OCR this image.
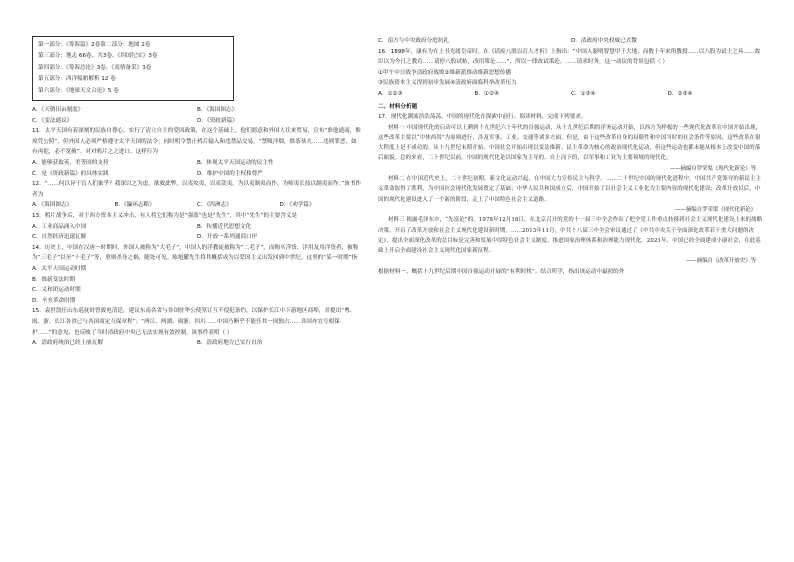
第一部分：《筹海篇》2卷第二部分：地图 2卷
第三部分：地志 66卷、共3卷、《四国纪实》3卷
第四部分：《筹海总论》3卷、《夷情备采》3卷
第五部分：西洋船舶解析 12 卷
第六部分：《地球天文合论》5 卷
A．《天朝田亩制度》	B．《海国图志》
C．《变法通议》	D．《资政新篇》
11．太平天国有着深刻的民族自尊心，实行了清立自主的爱国政策，在这个基础上，他们愿意和外国人往来贸易，宣布“准他通商，惟须凭公照”，但外国人必须严格遵守太平天国的法令，同时明令禁止鸦片输入和违禁品交易。“禁吸洋烟，惟茶恭夫……违则罪恶，如有再犯，必不宽赦”。对对鸦片之之进口。这样行为
A．能够获取英、美等国的支持	B．体现太平天国运动的民主性
C．是《资政新篇》的具体实践	D．维护中国的主权和尊严
12．“……何以异于盲人扪象乎？我深以之为虑，欲救此弊，以夷攻夷，以夷款夷，为以夷制夷而作，为师夷长技以制夷而作。”该书作者为
A．《海国图志》	B．《瀛环志略》	C．《四洲志》	D．《劝学篇》
13．鸦片战争后，对于西方资本主义冲击，有人将它们称为是“强盗”也是“先生”，其中“先生”的主要含义是
A．工业商品涌入中国	B．传播近代思想文化
C．自然经济迅速瓦解	D．开放一系列通商口岸
14．历史上，中国在汉唐一时期时，外国人被称为“大毛子”，中国人的洋教徒被称为“二毛子”，而购买洋货、洋用及用洋货者，被称为“三毛子”以至“十毛子”等，重则杀身之祸，随处可见。陈旭麓先生将其概括成为以爱国主义出发回到中世纪。这里的“某一时期”指
A．太平天国运动时期
B．维新变法时期
C．义和团运动时期
D．辛亥革命时期
15．袁世凯任山东巡抚时曾致电清廷，建议东南各省与各国驻华公使签订互不侵犯条约，以保护长江中下游地区商埠，并提出“粤、闽、浙、长江各省已与各国商定互保章程”；“两江、两湖、闽浙、四川……中国乃断乎不能任其一国独占……各国亦宜互相保护……”的意见，也反映了当时清政府中央已无法实现有效控制。该事件表明（ ）
A．清政府统治已经土崩瓦解	B．清政府地方已实行自治
C．南方与中央政府分庭抗礼	D．清政府中央权威已式微
16．1898年，康有为在上书光绪皇帝时，在《请废八股以育人才折》上指出：“中国人聪明智慧甲于大地，而数十年来所教授……以八股为试士之具……故臣以为今日之教育……请停八股试帖，改用策论……”，所以一律改试策论。……请求时务，这一动议的背景包括（ ）
①甲午中日战争清政府战败②维新派推动维新思想传播
③民族资本主义得到初步发展④清政府面临科举改革压力
A．①②③	B．①②④	C．①③④	D．②③④
二、材料分析题
17．现代化潮流浩浩荡荡，中国的现代化在探索中前行。阅读材料，完成下列要求。
材料一 中国现代化的启动可以上溯到十九世纪六十年代的自强运动，从十九世纪后期的洋务运动开始，以西方为样板的一些现代化改革在中国开始出现，这些改革主要以“中体西用”为原则进行，涉及军事、工业、交通等诸多方面。但是，由于这些改革自身的局限性和中国当时的社会条件等原因，这些改革在很大程度上是不成功的。从十九世纪末期开始，中国社会开始出现以变法维新、民主革命为核心的政治现代化运动，但这些运动也都未能从根本上改变中国的落后面貌。总的来看，二十世纪以前，中国的现代化是以国家为主导的、自上而下的，以军事和工业为主要领域的现代化。
——摘编自罗荣渠《现代化新论》等
材料二 在中国近代史上，二十世纪初期，新文化运动兴起，在中国大力宣传民主与科学。……二十世纪中国的现代化进程中，中国共产党领导的新民主主义革命取得了胜利，为中国社会现代化发展奠定了基础；中华人民共和国成立后，中国开始了以社会主义工业化为主要内容的现代化建设；改革开放以后，中国的现代化建设进入了一个新的阶段，走上了中国特色社会主义道路。
——摘编自罗荣渠《现代化新论》
材料三 揭露毛泽东中，“先富论”的。1978年12月18日，在北京召开的党的十一届三中全会作出了把全党工作重点转移到社会主义现代化建设上来的战略决策，开启了改革开放和社会主义现代化建设新时期。……2013年11月，中共十八届三中全会审议通过了《中共中央关于全面深化改革若干重大问题的决定》，提出全面深化改革的总目标是完善和发展中国特色社会主义制度、推进国家治理体系和治理能力现代化。2021年，中国已经全面建成小康社会，在此基础上开启全面建设社会主义现代化国家新征程。
——摘编自《改革开放史》等
根据材料一、概括十九世纪后期中国自强运动开展的“有利时机”。结合所学，指出该运动中最初的外
